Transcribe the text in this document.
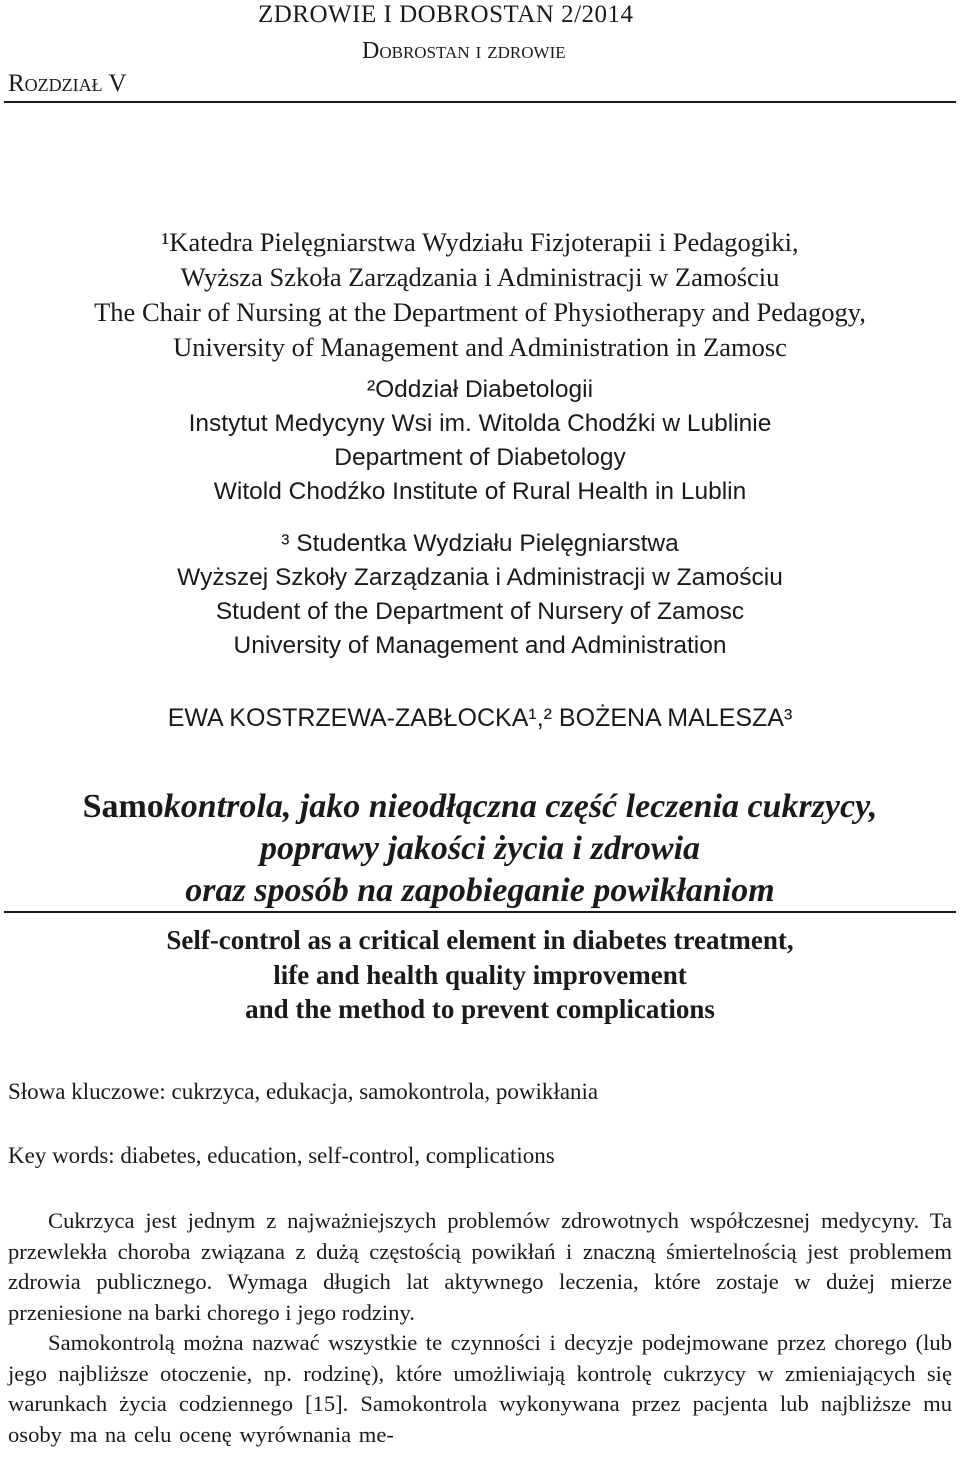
ZDROWIE I DOBROSTAN 2/2014
Dobrostan i zdrowie
Rozdział V
¹Katedra Pielęgniarstwa Wydziału Fizjoterapii i Pedagogiki,
Wyższa Szkoła Zarządzania i Administracji w Zamościu
The Chair of Nursing at the Department of Physiotherapy and Pedagogy,
University of Management and Administration in Zamosc
²Oddział Diabetologii
Instytut Medycyny Wsi im. Witolda Chodźki w Lublinie
Department of Diabetology
Witold Chodźko Institute of Rural Health in Lublin
³ Studentka Wydziału Pielęgniarstwa
Wyższej Szkoły Zarządzania i Administracji w Zamościu
Student of the Department of Nursery of Zamosc
University of Management and Administration
EWA KOSTRZEWA-ZABŁOCKA¹,² BOŻENA MALESZA³
Samokontrola, jako nieodłączna część leczenia cukrzycy,
poprawy jakości życia i zdrowia
oraz sposób na zapobieganie powikłaniom
Self-control as a critical element in diabetes treatment,
life and health quality improvement
and the method to prevent complications
Słowa kluczowe: cukrzyca, edukacja, samokontrola, powikłania
Key words: diabetes, education, self-control, complications

Cukrzyca jest jednym z najważniejszych problemów zdrowotnych współczesnej medycyny. Ta przewlekła choroba związana z dużą częstością powikłań i znaczną śmiertelnością jest problemem zdrowia publicznego. Wymaga długich lat aktywnego leczenia, które zostaje w dużej mierze przeniesione na barki chorego i jego rodziny.

Samokontrolą można nazwać wszystkie te czynności i decyzje podejmowane przez chorego (lub jego najbliższe otoczenie, np. rodzinę), które umożliwiają kontrolę cukrzycy w zmieniających się warunkach życia codziennego [15]. Samokontrola wykonywana przez pacjenta lub najbliższe mu osoby ma na celu ocenę wyrównania me-
